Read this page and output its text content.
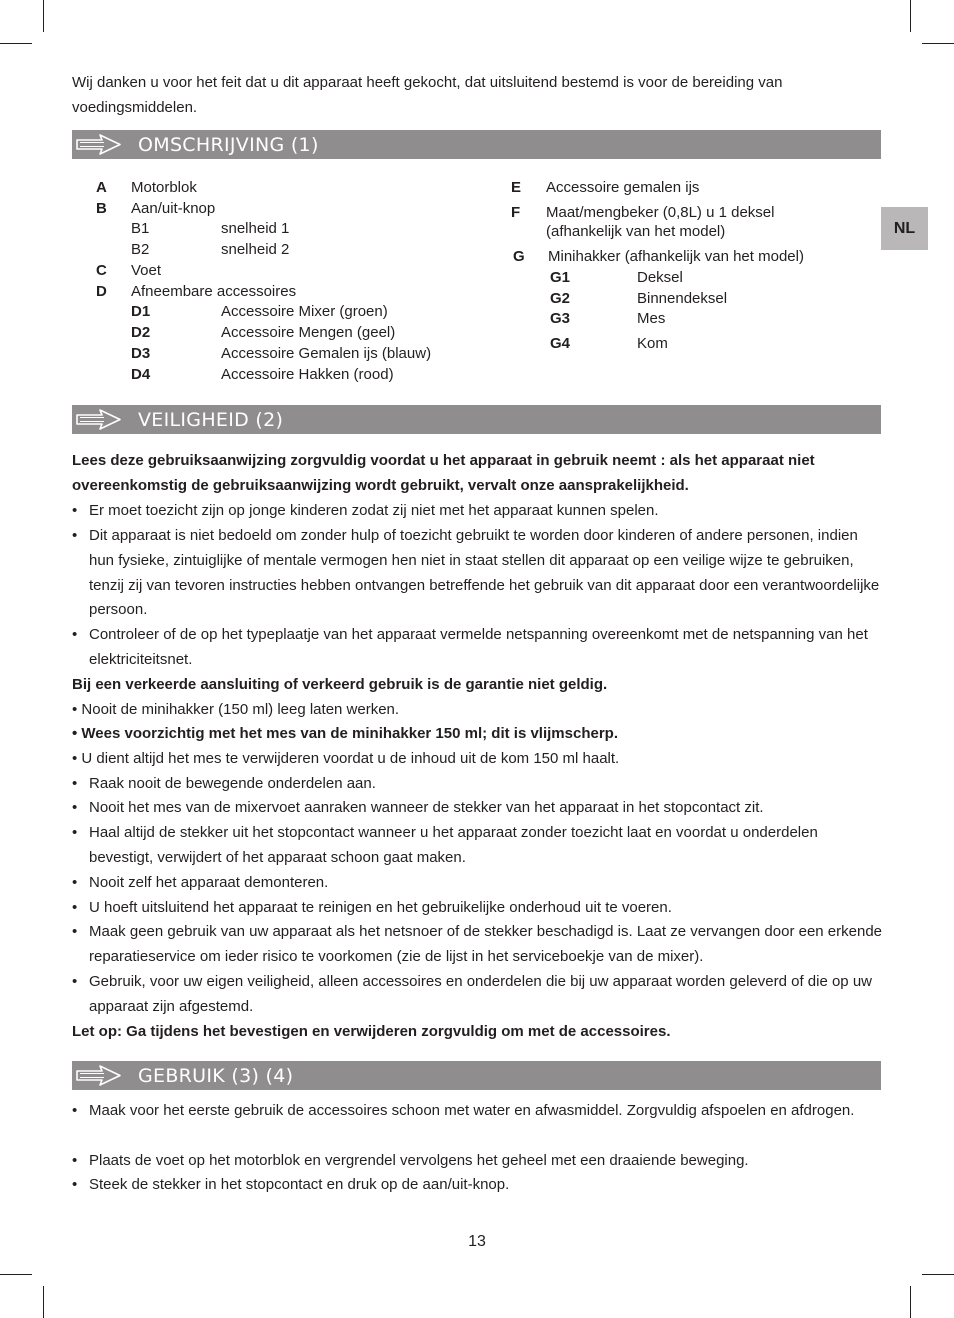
Wij danken u voor het feit dat u dit apparaat heeft gekocht, dat uitsluitend bestemd is voor de bereiding van voedingsmiddelen.
OMSCHRIJVING (1)
NL
A Motorblok
B Aan/uit-knop
B1	snelheid 1
B2	snelheid 2
C Voet
D Afneembare accessoires
D1	Accessoire Mixer (groen)
D2	Accessoire Mengen (geel)
D3	Accessoire Gemalen ijs (blauw)
D4	Accessoire Hakken (rood)
E Accessoire gemalen ijs
F Maat/mengbeker (0,8L) u 1 deksel
(afhankelijk van het model)
G Minihakker (afhankelijk van het model)
G1	Deksel
G2	Binnendeksel
G3	Mes
G4	Kom
VEILIGHEID (2)
Lees deze gebruiksaanwijzing zorgvuldig voordat u het apparaat in gebruik neemt : als het apparaat niet overeenkomstig de gebruiksaanwijzing wordt gebruikt, vervalt onze aansprakelijkheid.
• Er moet toezicht zijn op jonge kinderen zodat zij niet met het apparaat kunnen spelen.
• Dit apparaat is niet bedoeld om zonder hulp of toezicht gebruikt te worden door kinderen of andere personen, indien hun fysieke, zintuiglijke of mentale vermogen hen niet in staat stellen dit apparaat op een veilige wijze te gebruiken, tenzij zij van tevoren instructies hebben ontvangen betreffende het gebruik van dit apparaat door een verantwoordelijke persoon.
• Controleer of de op het typeplaatje van het apparaat vermelde netspanning overeenkomt met de netspanning van het elektriciteitsnet.
Bij een verkeerde aansluiting of verkeerd gebruik is de garantie niet geldig.
• Nooit de minihakker (150 ml) leeg laten werken.
• Wees voorzichtig met het mes van de minihakker 150 ml; dit is vlijmscherp.
• U dient altijd het mes te verwijderen voordat u de inhoud uit de kom 150 ml haalt.
• Raak nooit de bewegende onderdelen aan.
• Nooit het mes van de mixervoet aanraken wanneer de stekker van het apparaat in het stopcontact zit.
• Haal altijd de stekker uit het stopcontact wanneer u het apparaat zonder toezicht laat en voordat u onderdelen bevestigt, verwijdert of het apparaat schoon gaat maken.
• Nooit zelf het apparaat demonteren.
• U hoeft uitsluitend het apparaat te reinigen en het gebruikelijke onderhoud uit te voeren.
• Maak geen gebruik van uw apparaat als het netsnoer of de stekker beschadigd is. Laat ze vervangen door een erkende reparatieservice om ieder risico te voorkomen (zie de lijst in het serviceboekje van de mixer).
• Gebruik, voor uw eigen veiligheid, alleen accessoires en onderdelen die bij uw apparaat worden geleverd of die op uw apparaat zijn afgestemd.
Let op: Ga tijdens het bevestigen en verwijderen zorgvuldig om met de accessoires.
GEBRUIK (3) (4)
• Maak voor het eerste gebruik de accessoires schoon met water en afwasmiddel. Zorgvuldig afspoelen en afdrogen.
• Plaats de voet op het motorblok en vergrendel vervolgens het geheel met een draaiende beweging.
• Steek de stekker in het stopcontact en druk op de aan/uit-knop.
13
